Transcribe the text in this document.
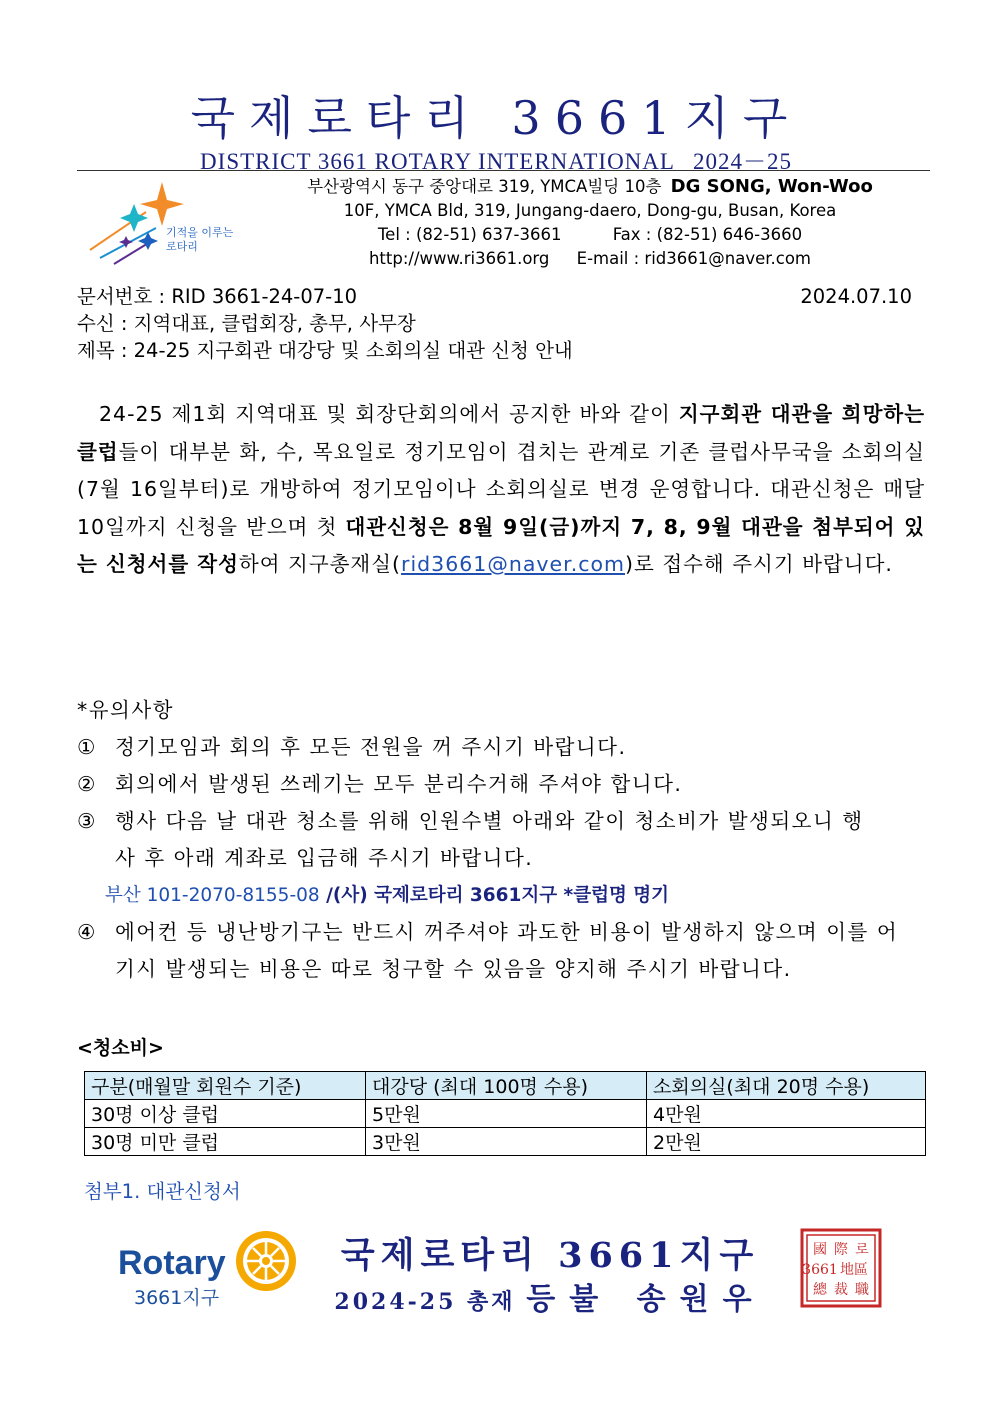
국제로타리 3661지구
DISTRICT 3661 ROTARY INTERNATIONAL 2024－25
기적을 이루는
로타리
부산광역시 동구 중앙대로 319, YMCA빌딩 10층 DG SONG, Won-Woo
10F, YMCA Bld, 319, Jungang-daero, Dong-gu, Busan, Korea
Tel : (82-51) 637-3661	Fax : (82-51) 646-3660
http://www.ri3661.org E-mail : rid3661@naver.com
문서번호 : RID 3661-24-07-10	2024.07.10
수신 : 지역대표, 클럽회장, 총무, 사무장
제목 : 24-25 지구회관 대강당 및 소회의실 대관 신청 안내
24-25 제1회 지역대표 및 회장단회의에서 공지한 바와 같이 지구회관 대관을 희망하는 클럽들이 대부분 화, 수, 목요일로 정기모임이 겹치는 관계로 기존 클럽사무국을 소회의실(7월 16일부터)로 개방하여 정기모임이나 소회의실로 변경 운영합니다. 대관신청은 매달 10일까지 신청을 받으며 첫 대관신청은 8월 9일(금)까지 7, 8, 9월 대관을 첨부되어 있는 신청서를 작성하여 지구총재실(rid3661@naver.com)로 접수해 주시기 바랍니다.
*유의사항
① 정기모임과 회의 후 모든 전원을 꺼 주시기 바랍니다.
② 회의에서 발생된 쓰레기는 모두 분리수거해 주셔야 합니다.
③ 행사 다음 날 대관 청소를 위해 인원수별 아래와 같이 청소비가 발생되오니 행사 후 아래 계좌로 입금해 주시기 바랍니다.
부산 101-2070-8155-08 /(사) 국제로타리 3661지구 *클럽명 명기
④ 에어컨 등 냉난방기구는 반드시 꺼주셔야 과도한 비용이 발생하지 않으며 이를 어기시 발생되는 비용은 따로 청구할 수 있음을 양지해 주시기 바랍니다.
<청소비>
구분(매월말 회원수 기준)	대강당 (최대 100명 수용)	소회의실(최대 20명 수용)
30명 이상 클럽	5만원	4만원
30명 미만 클럽	3만원	2만원
첨부1. 대관신청서
Rotary
3661지구
국제로타리 3661지구
2024-25 총재 등불 송원우
國 際 로
3661 地區
總 裁 職
